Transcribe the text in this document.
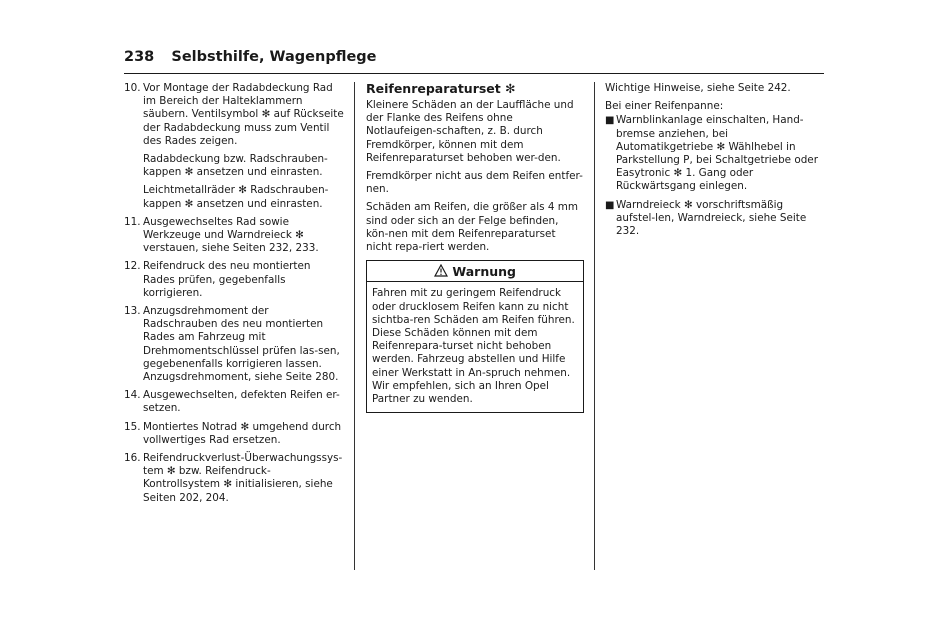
238 Selbsthilfe, Wagenpflege
10. Vor Montage der Radabdeckung Rad im Bereich der Halteklammern säubern. Ventilsymbol ✻ auf Rückseite der Radabdeckung muss zum Ventil des Rades zeigen.
Radabdeckung bzw. Radschrauben-kappen ✻ ansetzen und einrasten.
Leichtmetallräder ✻ Radschrauben-kappen ✻ ansetzen und einrasten.
11. Ausgewechseltes Rad sowie Werkzeuge und Warndreieck ✻ verstauen, siehe Seiten 232, 233.
12. Reifendruck des neu montierten Rades prüfen, gegebenfalls korrigieren.
13. Anzugsdrehmoment der Radschrauben des neu montierten Rades am Fahrzeug mit Drehmomentschlüssel prüfen las-sen, gegebenenfalls korrigieren lassen. Anzugsdrehmoment, siehe Seite 280.
14. Ausgewechselten, defekten Reifen er-setzen.
15. Montiertes Notrad ✻ umgehend durch vollwertiges Rad ersetzen.
16. Reifendruckverlust-Überwachungssys-tem ✻ bzw. Reifendruck-Kontrollsystem ✻ initialisieren, siehe Seiten 202, 204.
Reifenreparaturset ✻
Kleinere Schäden an der Lauffläche und der Flanke des Reifens ohne Notlaufeigen-schaften, z. B. durch Fremdkörper, können mit dem Reifenreparaturset behoben wer-den.
Fremdkörper nicht aus dem Reifen entfer-nen.
Schäden am Reifen, die größer als 4 mm sind oder sich an der Felge befinden, kön-nen mit dem Reifenreparaturset nicht repa-riert werden.
Warnung
Fahren mit zu geringem Reifendruck oder drucklosem Reifen kann zu nicht sichtba-ren Schäden am Reifen führen. Diese Schäden können mit dem Reifenrepara-turset nicht behoben werden. Fahrzeug abstellen und Hilfe einer Werkstatt in An-spruch nehmen. Wir empfehlen, sich an Ihren Opel Partner zu wenden.
Wichtige Hinweise, siehe Seite 242.
Bei einer Reifenpanne:
■ Warnblinkanlage einschalten, Hand-bremse anziehen, bei Automatikgetriebe ✻ Wählhebel in Parkstellung P, bei Schaltgetriebe oder Easytronic ✻ 1. Gang oder Rückwärtsgang einlegen.
■ Warndreieck ✻ vorschriftsmäßig aufstel-len, Warndreieck, siehe Seite 232.
